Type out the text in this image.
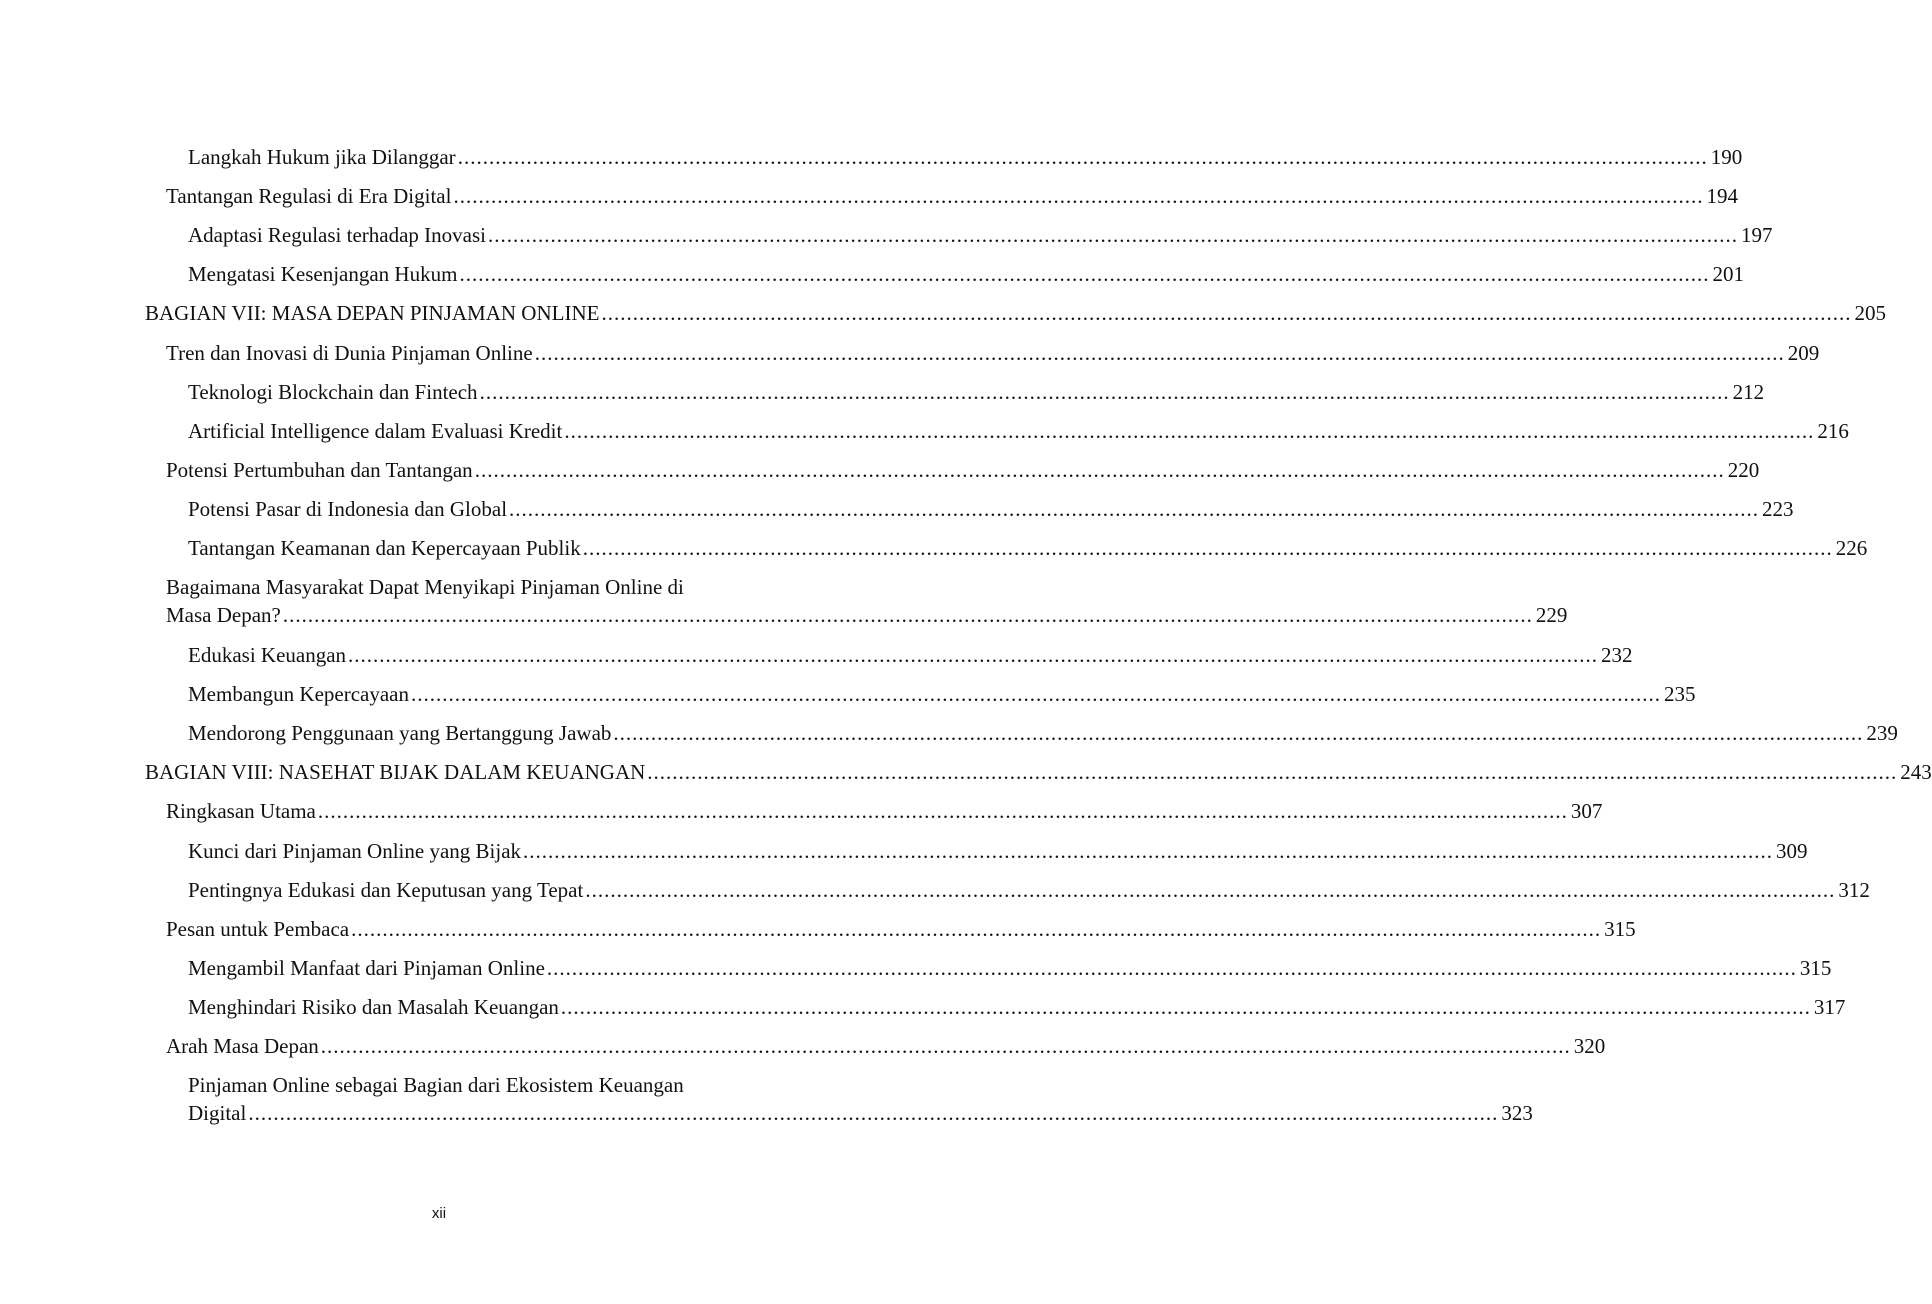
Langkah Hukum jika Dilanggar ........................................................................................................................................................................................................ 190
Tantangan Regulasi di Era Digital ........................................................................................................................................................................................................ 194
Adaptasi Regulasi terhadap Inovasi ........................................................................................................................................................................................................ 197
Mengatasi Kesenjangan Hukum ........................................................................................................................................................................................................ 201
BAGIAN VII: MASA DEPAN PINJAMAN ONLINE ........................................................................................................................................................................................................ 205
Tren dan Inovasi di Dunia Pinjaman Online ........................................................................................................................................................................................................ 209
Teknologi Blockchain dan Fintech ........................................................................................................................................................................................................ 212
Artificial Intelligence dalam Evaluasi Kredit ........................................................................................................................................................................................................ 216
Potensi Pertumbuhan dan Tantangan ........................................................................................................................................................................................................ 220
Potensi Pasar di Indonesia dan Global ........................................................................................................................................................................................................ 223
Tantangan Keamanan dan Kepercayaan Publik ........................................................................................................................................................................................................ 226
Bagaimana Masyarakat Dapat Menyikapi Pinjaman Online di
Masa Depan? ........................................................................................................................................................................................................ 229
Edukasi Keuangan ........................................................................................................................................................................................................ 232
Membangun Kepercayaan ........................................................................................................................................................................................................ 235
Mendorong Penggunaan yang Bertanggung Jawab ........................................................................................................................................................................................................ 239
BAGIAN VIII: NASEHAT BIJAK DALAM KEUANGAN ........................................................................................................................................................................................................ 243
Ringkasan Utama ........................................................................................................................................................................................................ 307
Kunci dari Pinjaman Online yang Bijak ........................................................................................................................................................................................................ 309
Pentingnya Edukasi dan Keputusan yang Tepat ........................................................................................................................................................................................................ 312
Pesan untuk Pembaca ........................................................................................................................................................................................................ 315
Mengambil Manfaat dari Pinjaman Online ........................................................................................................................................................................................................ 315
Menghindari Risiko dan Masalah Keuangan ........................................................................................................................................................................................................ 317
Arah Masa Depan ........................................................................................................................................................................................................ 320
Pinjaman Online sebagai Bagian dari Ekosistem Keuangan
Digital ........................................................................................................................................................................................................ 323
xii
